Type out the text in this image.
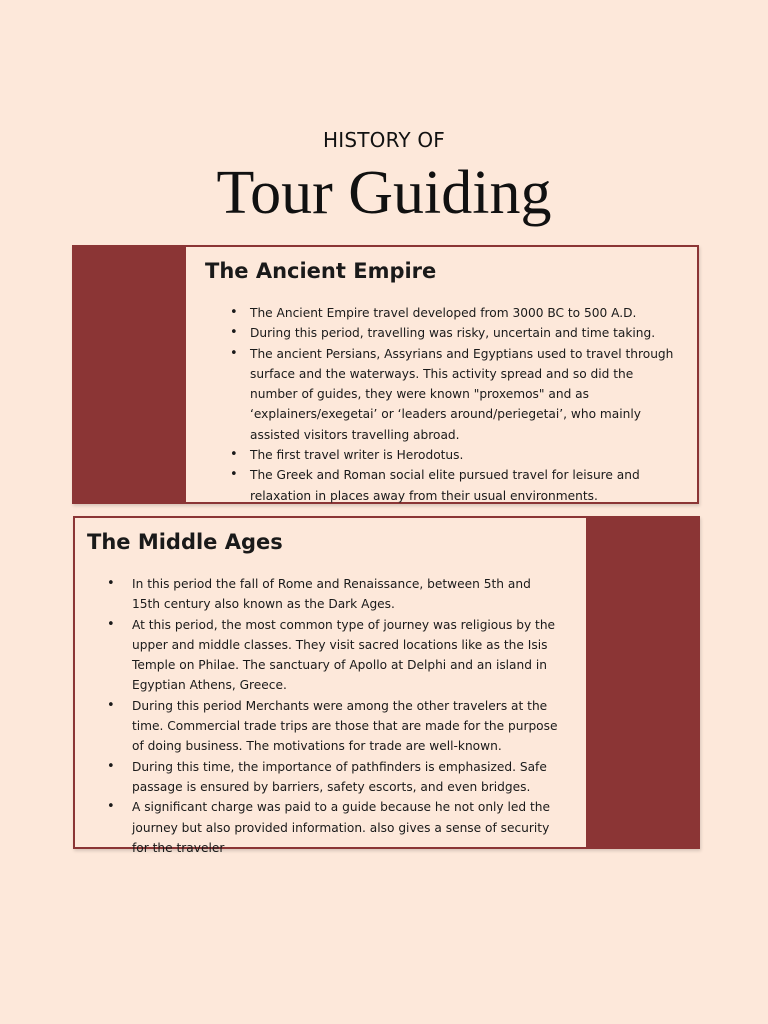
HISTORY OF
Tour Guiding
The Ancient Empire
• The Ancient Empire travel developed from 3000 BC to 500 A.D.
• During this period, travelling was risky, uncertain and time taking.
• The ancient Persians, Assyrians and Egyptians used to travel through surface and the waterways. This activity spread and so did the number of guides, they were known "proxemos" and as ‘explainers/exegetai’ or ‘leaders around/periegetai’, who mainly assisted visitors travelling abroad.
• The first travel writer is Herodotus.
• The Greek and Roman social elite pursued travel for leisure and relaxation in places away from their usual environments.
The Middle Ages
• In this period the fall of Rome and Renaissance, between 5th and 15th century also known as the Dark Ages.
• At this period, the most common type of journey was religious by the upper and middle classes. They visit sacred locations like as the Isis Temple on Philae. The sanctuary of Apollo at Delphi and an island in Egyptian Athens, Greece.
• During this period Merchants were among the other travelers at the time. Commercial trade trips are those that are made for the purpose of doing business. The motivations for trade are well-known.
• During this time, the importance of pathfinders is emphasized. Safe passage is ensured by barriers, safety escorts, and even bridges.
• A significant charge was paid to a guide because he not only led the journey but also provided information. also gives a sense of security for the traveler
